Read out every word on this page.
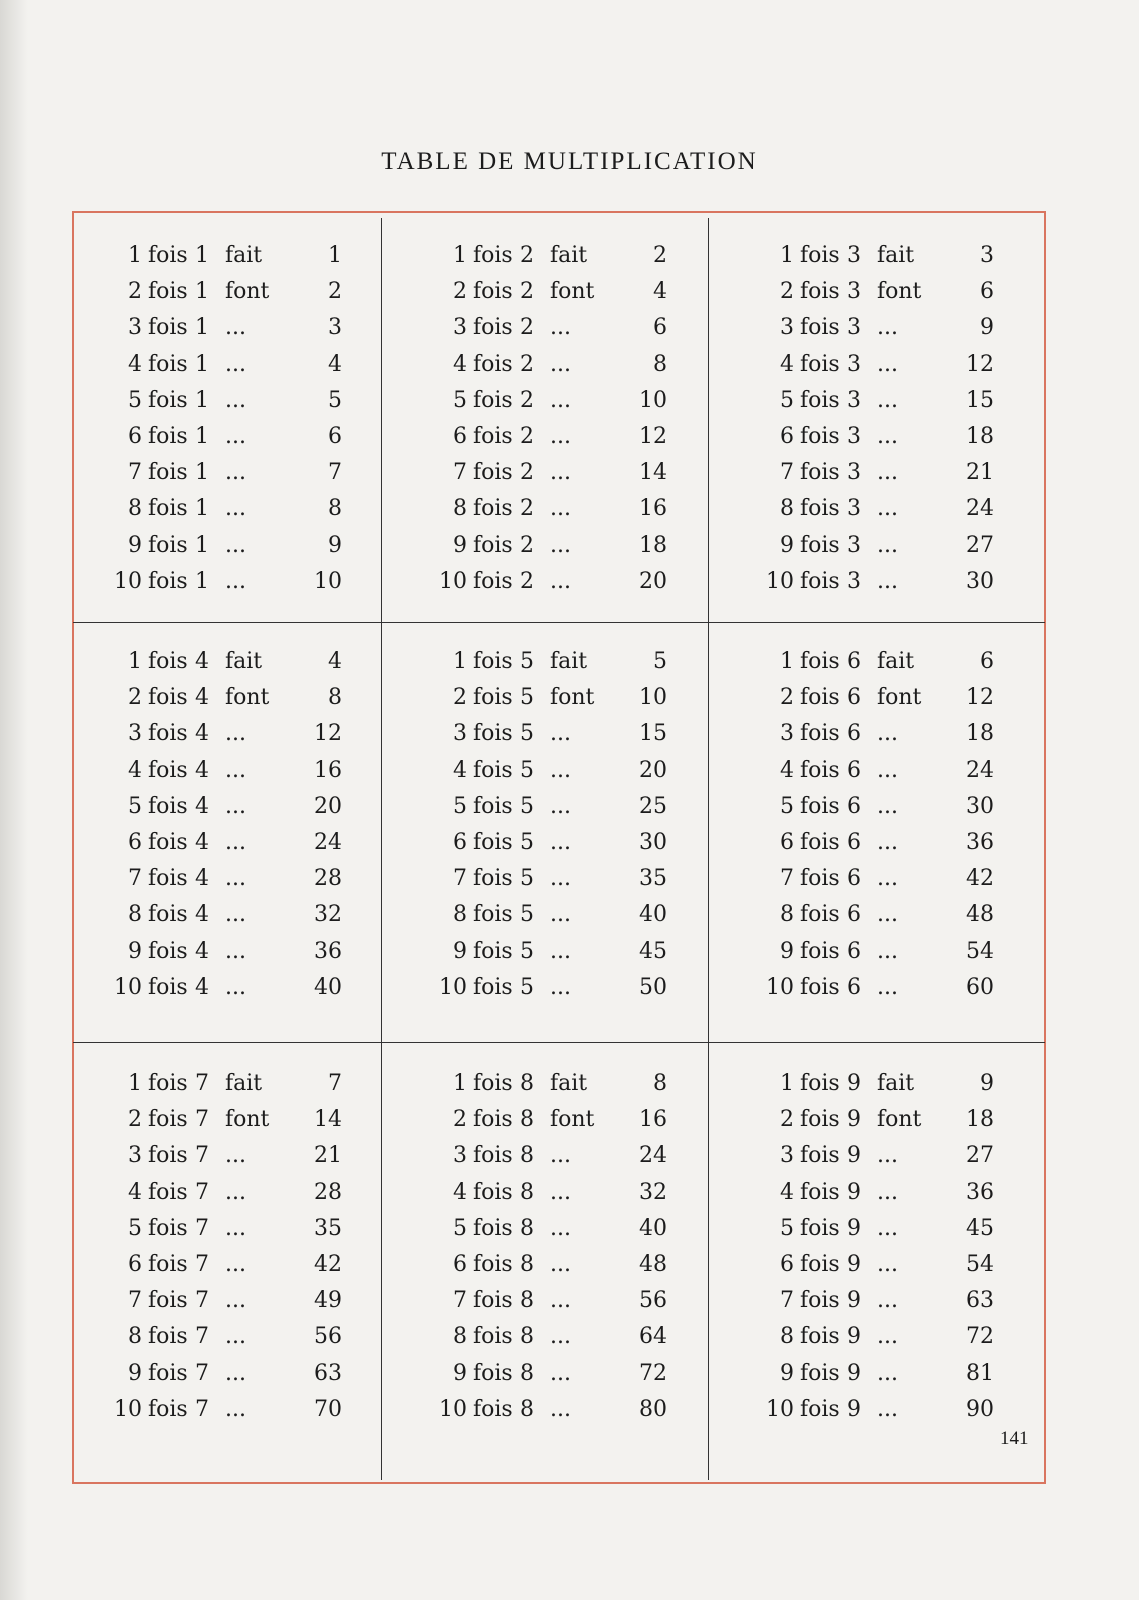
TABLE DE MULTIPLICATION
1 fois 1 fait	1
2 fois 1 font	2
3 fois 1 ...	3
4 fois 1 ...	4
5 fois 1 ...	5
6 fois 1 ...	6
7 fois 1 ...	7
8 fois 1 ...	8
9 fois 1 ...	9
10 fois 1 ...	10
1 fois 2 fait	2
2 fois 2 font	4
3 fois 2 ...	6
4 fois 2 ...	8
5 fois 2 ...	10
6 fois 2 ...	12
7 fois 2 ...	14
8 fois 2 ...	16
9 fois 2 ...	18
10 fois 2 ...	20
1 fois 3 fait	3
2 fois 3 font	6
3 fois 3 ...	9
4 fois 3 ...	12
5 fois 3 ...	15
6 fois 3 ...	18
7 fois 3 ...	21
8 fois 3 ...	24
9 fois 3 ...	27
10 fois 3 ...	30
1 fois 4 fait	4
2 fois 4 font	8
3 fois 4 ...	12
4 fois 4 ...	16
5 fois 4 ...	20
6 fois 4 ...	24
7 fois 4 ...	28
8 fois 4 ...	32
9 fois 4 ...	36
10 fois 4 ...	40
1 fois 5 fait	5
2 fois 5 font 10
3 fois 5 ...	15
4 fois 5 ...	20
5 fois 5 ...	25
6 fois 5 ...	30
7 fois 5 ...	35
8 fois 5 ...	40
9 fois 5 ...	45
10 fois 5 ...	50
1 fois 6 fait	6
2 fois 6 font 12
3 fois 6 ...	18
4 fois 6 ...	24
5 fois 6 ...	30
6 fois 6 ...	36
7 fois 6 ...	42
8 fois 6 ...	48
9 fois 6 ...	54
10 fois 6 ...	60
1 fois 7 fait	7
2 fois 7 font 14
3 fois 7 ...	21
4 fois 7 ...	28
5 fois 7 ...	35
6 fois 7 ...	42
7 fois 7 ...	49
8 fois 7 ...	56
9 fois 7 ...	63
10 fois 7 ...	70
1 fois 8 fait	8
2 fois 8 font 16
3 fois 8 ...	24
4 fois 8 ...	32
5 fois 8 ...	40
6 fois 8 ...	48
7 fois 8 ...	56
8 fois 8 ...	64
9 fois 8 ...	72
10 fois 8 ...	80
1 fois 9 fait	9
2 fois 9 font 18
3 fois 9 ...	27
4 fois 9 ...	36
5 fois 9 ...	45
6 fois 9 ...	54
7 fois 9 ...	63
8 fois 9 ...	72
9 fois 9 ...	81
10 fois 9 ...	90
141
